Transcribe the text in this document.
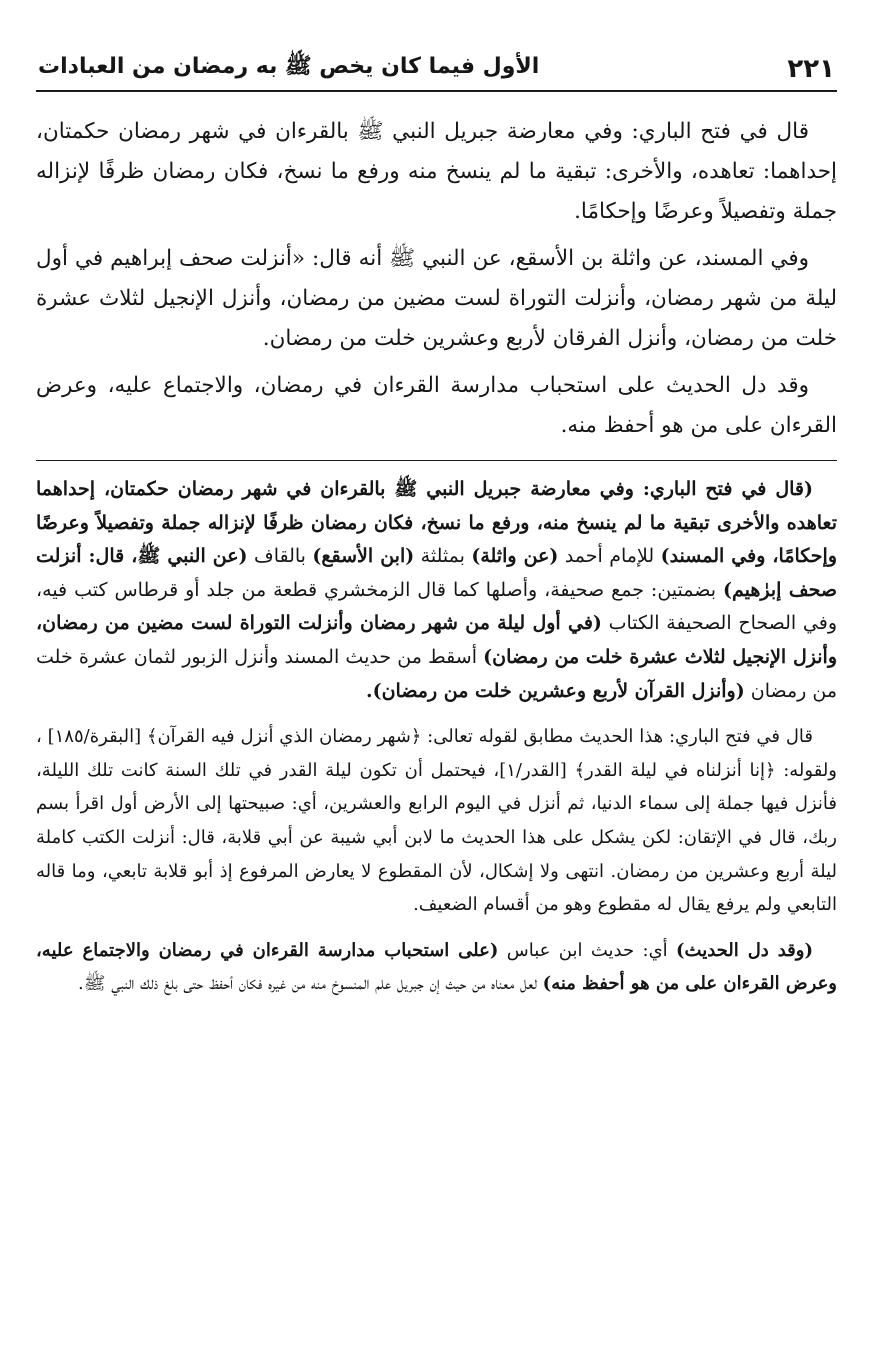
الأول فيما كان يخص ﷺ به رمضان من العبادات	٢٢١

قال في فتح الباري: وفي معارضة جبريل النبي ﷺ بالقرءان في شهر رمضان حكمتان، إحداهما: تعاهده، والأخرى: تبقية ما لم ينسخ منه ورفع ما نسخ، فكان رمضان ظرفًا لإنزاله جملة وتفصيلاً وعرضًا وإحكامًا.

وفي المسند، عن واثلة بن الأسقع، عن النبي ﷺ أنه قال: «أنزلت صحف إبراهيم في أول ليلة من شهر رمضان، وأنزلت التوراة لست مضين من رمضان، وأنزل الإنجيل لثلاث عشرة خلت من رمضان، وأنزل الفرقان لأربع وعشرين خلت من رمضان.

وقد دل الحديث على استحباب مدارسة القرءان في رمضان، والاجتماع عليه، وعرض القرءان على من هو أحفظ منه.

(قال في فتح الباري: وفي معارضة جبريل النبي ﷺ بالقرءان في شهر رمضان حكمتان، إحداهما تعاهده والأخرى تبقية ما لم ينسخ منه، ورفع ما نسخ، فكان رمضان ظرفًا لإنزاله جملة وتفصيلاً وعرضًا وإحكامًا، وفي المسند) للإمام أحمد (عن واثلة) بمثلثة (ابن الأسقع) بالقاف (عن النبي ﷺ، قال: أنزلت صحف إبرٰهيم) بضمتين: جمع صحيفة، وأصلها كما قال الزمخشري قطعة من جلد أو قرطاس كتب فيه، وفي الصحاح الصحيفة الكتاب (في أول ليلة من شهر رمضان وأنزلت التوراة لست مضين من رمضان، وأنزل الإنجيل لثلاث عشرة خلت من رمضان) أسقط من حديث المسند وأنزل الزبور لثمان عشرة خلت من رمضان (وأنزل القرآن لأربع وعشرين خلت من رمضان).

قال في فتح الباري: هذا الحديث مطابق لقوله تعالى: ﴿شهر رمضان الذي أنزل فيه القرآن﴾ [البقرة/١٨٥] ، ولقوله: ﴿إنا أنزلناه في ليلة القدر﴾ [القدر/١]، فيحتمل أن تكون ليلة القدر في تلك السنة كانت تلك الليلة، فأنزل فيها جملة إلى سماء الدنيا، ثم أنزل في اليوم الرابع والعشرين، أي: صبيحتها إلى الأرض أول اقرأ بسم ربك، قال في الإتقان: لكن يشكل على هذا الحديث ما لابن أبي شيبة عن أبي قلابة، قال: أنزلت الكتب كاملة ليلة أربع وعشرين من رمضان. انتهى ولا إشكال، لأن المقطوع لا يعارض المرفوع إذ أبو قلابة تابعي، وما قاله التابعي ولم يرفع يقال له مقطوع وهو من أقسام الضعيف.

(وقد دل الحديث) أي: حديث ابن عباس (على استحباب مدارسة القرءان في رمضان والاجتماع عليه، وعرض القرءان على من هو أحفظ منه) لعل معناه من حيث إن جبريل علم المنسوخ منه من غيره فكان أحفظ حتى بلغ ذلك النبي ﷺ.
